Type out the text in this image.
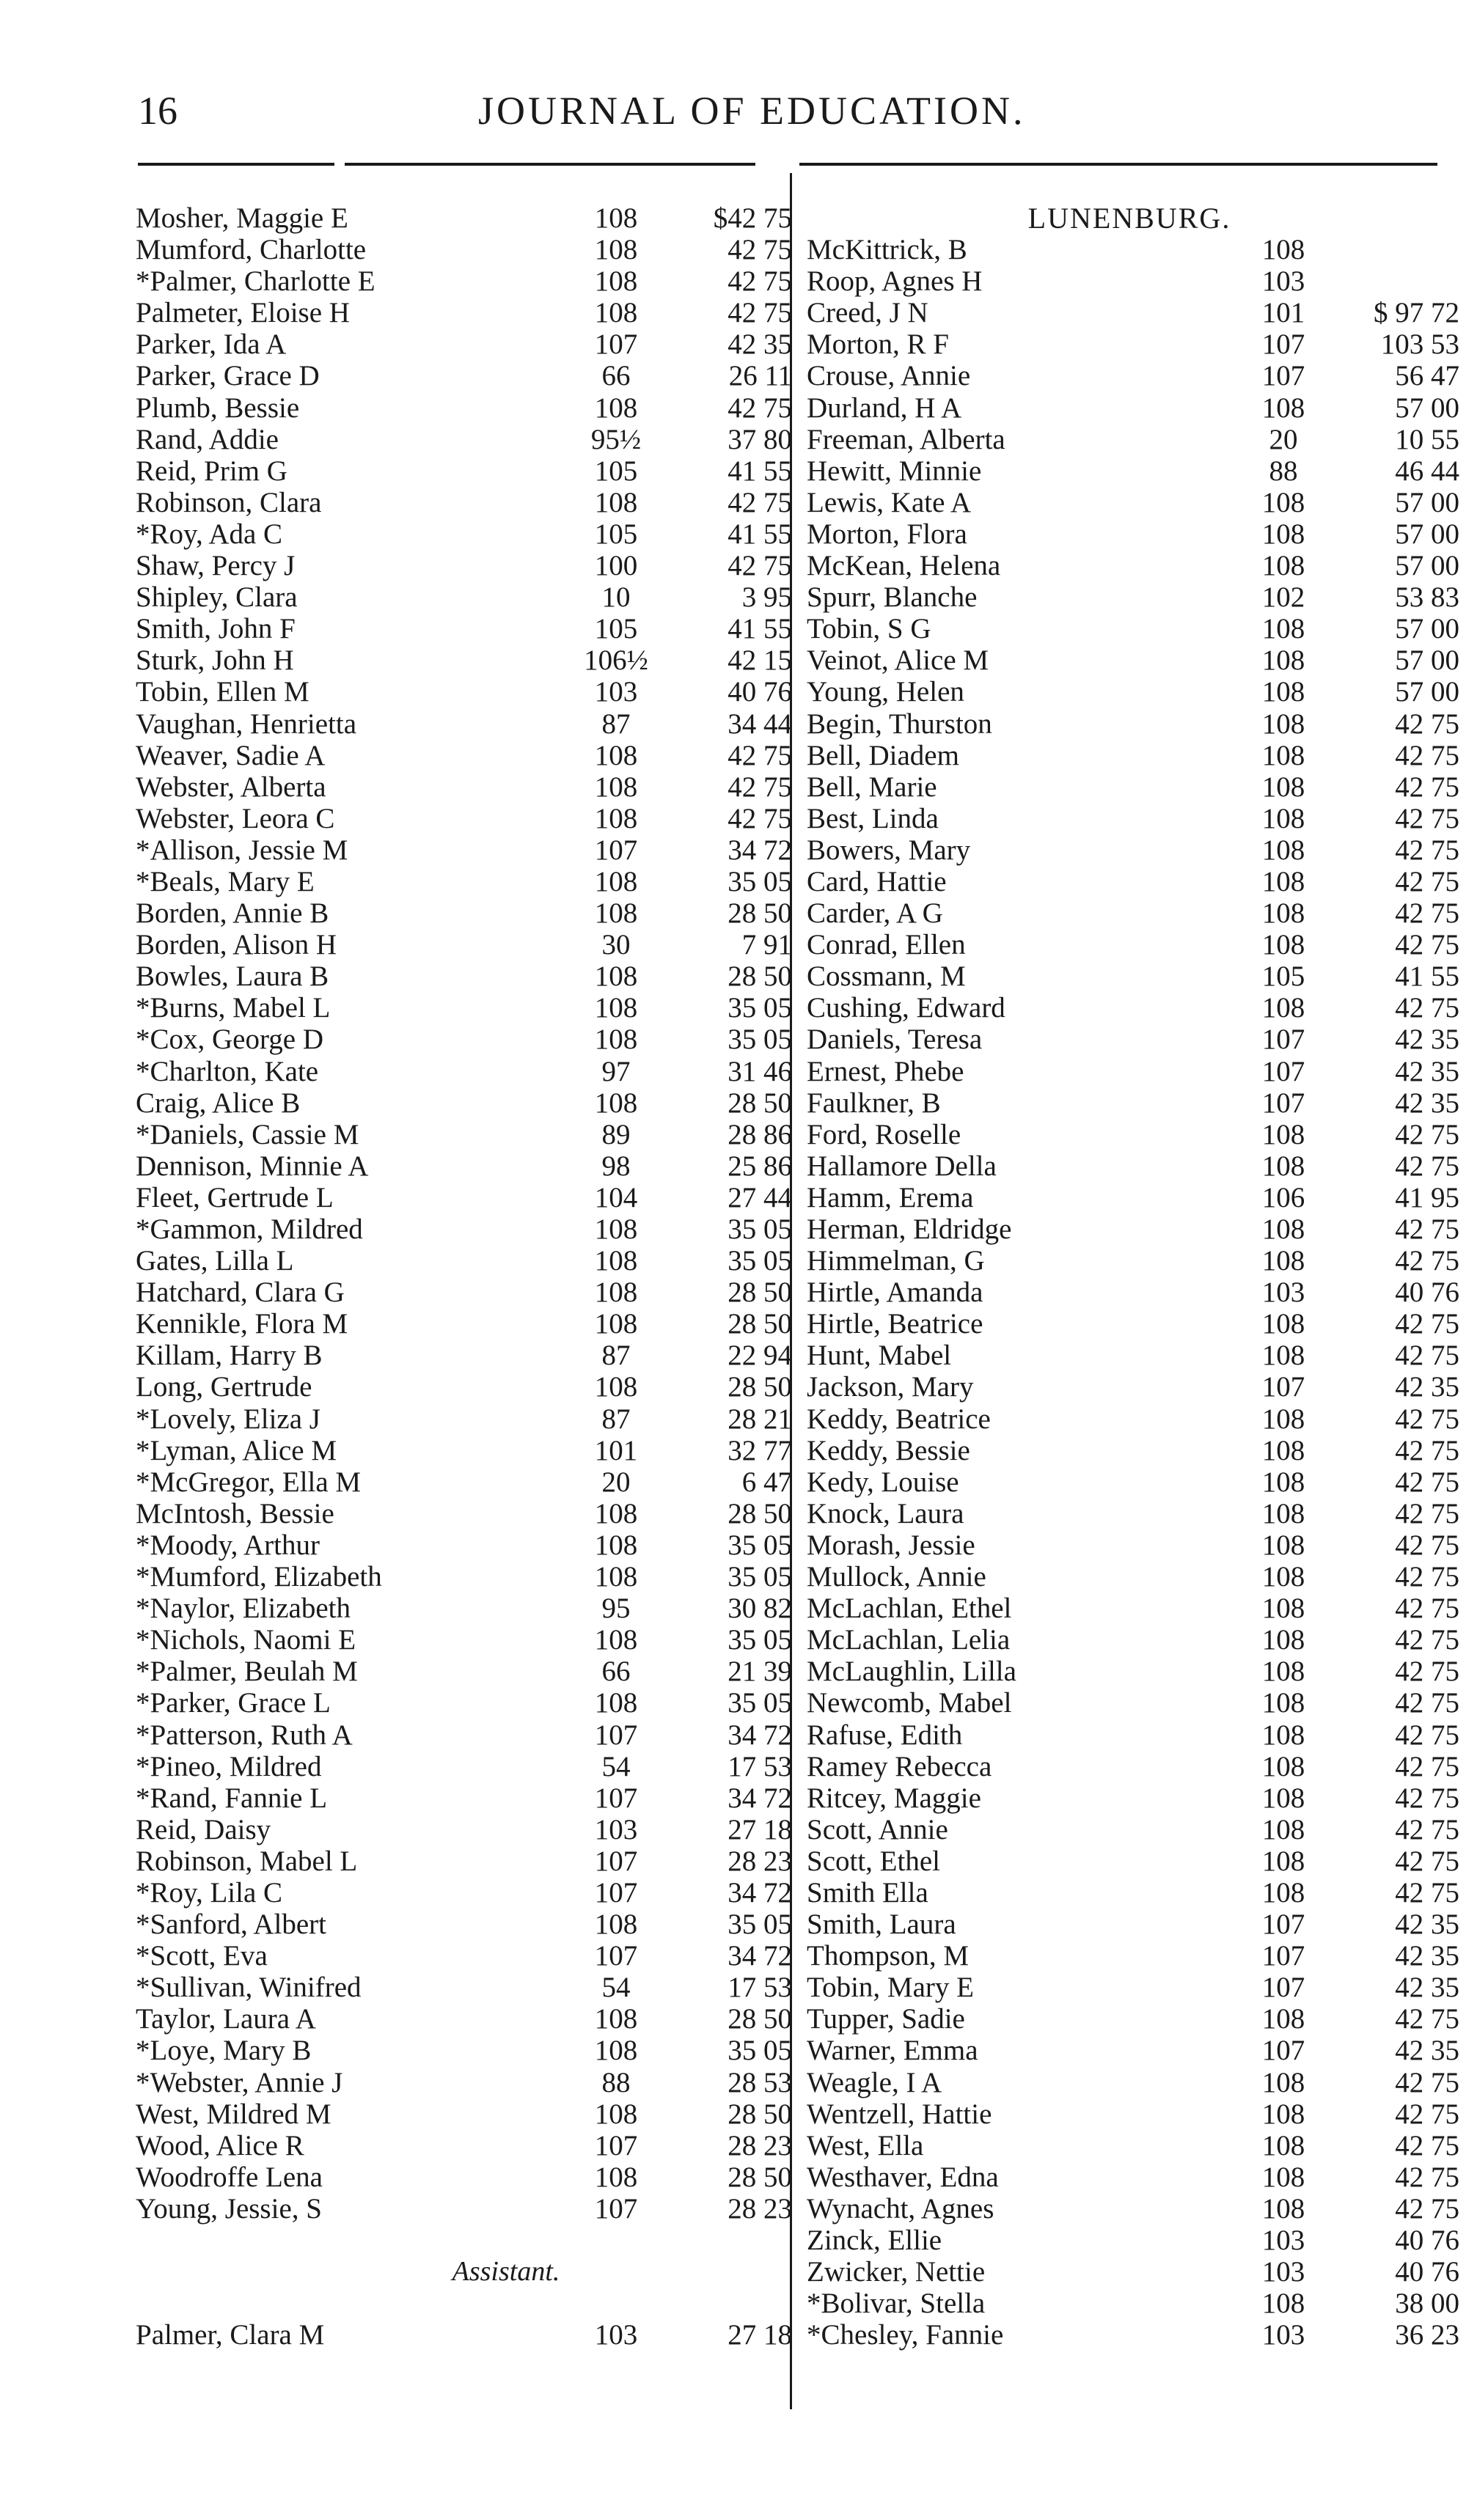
16	JOURNAL OF EDUCATION.
Mosher, Maggie E	108	$42 75
Mumford, Charlotte	108	42 75
*Palmer, Charlotte E	108	42 75
Palmeter, Eloise H	108	42 75
Parker, Ida A	107	42 35
Parker, Grace D	66	26 11
Plumb, Bessie	108	42 75
Rand, Addie	95½	37 80
Reid, Prim G	105	41 55
Robinson, Clara	108	42 75
*Roy, Ada C	105	41 55
Shaw, Percy J	100	42 75
Shipley, Clara	10	3 95
Smith, John F	105	41 55
Sturk, John H	106½	42 15
Tobin, Ellen M	103	40 76
Vaughan, Henrietta	87	34 44
Weaver, Sadie A	108	42 75
Webster, Alberta	108	42 75
Webster, Leora C	108	42 75
*Allison, Jessie M	107	34 72
*Beals, Mary E	108	35 05
Borden, Annie B	108	28 50
Borden, Alison H	30	7 91
Bowles, Laura B	108	28 50
*Burns, Mabel L	108	35 05
*Cox, George D	108	35 05
*Charlton, Kate	97	31 46
Craig, Alice B	108	28 50
*Daniels, Cassie M	89	28 86
Dennison, Minnie A	98	25 86
Fleet, Gertrude L	104	27 44
*Gammon, Mildred	108	35 05
Gates, Lilla L	108	35 05
Hatchard, Clara G	108	28 50
Kennikle, Flora M	108	28 50
Killam, Harry B	87	22 94
Long, Gertrude	108	28 50
*Lovely, Eliza J	87	28 21
*Lyman, Alice M	101	32 77
*McGregor, Ella M	20	6 47
McIntosh, Bessie	108	28 50
*Moody, Arthur	108	35 05
*Mumford, Elizabeth	108	35 05
*Naylor, Elizabeth	95	30 82
*Nichols, Naomi E	108	35 05
*Palmer, Beulah M	66	21 39
*Parker, Grace L	108	35 05
*Patterson, Ruth A	107	34 72
*Pineo, Mildred	54	17 53
*Rand, Fannie L	107	34 72
Reid, Daisy	103	27 18
Robinson, Mabel L	107	28 23
*Roy, Lila C	107	34 72
*Sanford, Albert	108	35 05
*Scott, Eva	107	34 72
*Sullivan, Winifred	54	17 53
Taylor, Laura A	108	28 50
*Loye, Mary B	108	35 05
*Webster, Annie J	88	28 53
West, Mildred M	108	28 50
Wood, Alice R	107	28 23
Woodroffe Lena	108	28 50
Young, Jessie, S	107	28 23
Assistant.
Palmer, Clara M	103	27 18
LUNENBURG.
McKittrick, B	108
Roop, Agnes H	103
Creed, J N	101	$ 97 72
Morton, R F	107	103 53
Crouse, Annie	107	56 47
Durland, H A	108	57 00
Freeman, Alberta	20	10 55
Hewitt, Minnie	88	46 44
Lewis, Kate A	108	57 00
Morton, Flora	108	57 00
McKean, Helena	108	57 00
Spurr, Blanche	102	53 83
Tobin, S G	108	57 00
Veinot, Alice M	108	57 00
Young, Helen	108	57 00
Begin, Thurston	108	42 75
Bell, Diadem	108	42 75
Bell, Marie	108	42 75
Best, Linda	108	42 75
Bowers, Mary	108	42 75
Card, Hattie	108	42 75
Carder, A G	108	42 75
Conrad, Ellen	108	42 75
Cossmann, M	105	41 55
Cushing, Edward	108	42 75
Daniels, Teresa	107	42 35
Ernest, Phebe	107	42 35
Faulkner, B	107	42 35
Ford, Roselle	108	42 75
Hallamore Della	108	42 75
Hamm, Erema	106	41 95
Herman, Eldridge	108	42 75
Himmelman, G	108	42 75
Hirtle, Amanda	103	40 76
Hirtle, Beatrice	108	42 75
Hunt, Mabel	108	42 75
Jackson, Mary	107	42 35
Keddy, Beatrice	108	42 75
Keddy, Bessie	108	42 75
Kedy, Louise	108	42 75
Knock, Laura	108	42 75
Morash, Jessie	108	42 75
Mullock, Annie	108	42 75
McLachlan, Ethel	108	42 75
McLachlan, Lelia	108	42 75
McLaughlin, Lilla	108	42 75
Newcomb, Mabel	108	42 75
Rafuse, Edith	108	42 75
Ramey Rebecca	108	42 75
Ritcey, Maggie	108	42 75
Scott, Annie	108	42 75
Scott, Ethel	108	42 75
Smith Ella	108	42 75
Smith, Laura	107	42 35
Thompson, M	107	42 35
Tobin, Mary E	107	42 35
Tupper, Sadie	108	42 75
Warner, Emma	107	42 35
Weagle, I A	108	42 75
Wentzell, Hattie	108	42 75
West, Ella	108	42 75
Westhaver, Edna	108	42 75
Wynacht, Agnes	108	42 75
Zinck, Ellie	103	40 76
Zwicker, Nettie	103	40 76
*Bolivar, Stella	108	38 00
*Chesley, Fannie	103	36 23
